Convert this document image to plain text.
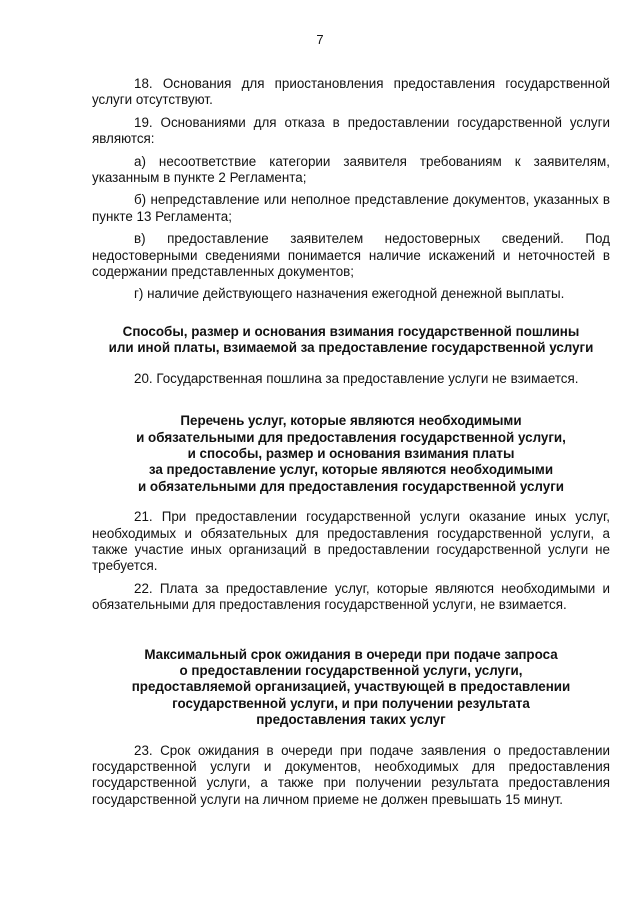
7

18. Основания для приостановления предоставления государственной услуги отсутствуют.

19. Основаниями для отказа в предоставлении государственной услуги являются:

а) несоответствие категории заявителя требованиям к заявителям, указанным в пункте 2 Регламента;

б) непредставление или неполное представление документов, указанных в пункте 13 Регламента;

в) предоставление заявителем недостоверных сведений. Под недостоверными сведениями понимается наличие искажений и неточностей в содержании представленных документов;

г) наличие действующего назначения ежегодной денежной выплаты.

Способы, размер и основания взимания государственной пошлины
или иной платы, взимаемой за предоставление государственной услуги

20. Государственная пошлина за предоставление услуги не взимается.

Перечень услуг, которые являются необходимыми
и обязательными для предоставления государственной услуги,
и способы, размер и основания взимания платы
за предоставление услуг, которые являются необходимыми
и обязательными для предоставления государственной услуги

21. При предоставлении государственной услуги оказание иных услуг, необходимых и обязательных для предоставления государственной услуги, а также участие иных организаций в предоставлении государственной услуги не требуется.

22. Плата за предоставление услуг, которые являются необходимыми и обязательными для предоставления государственной услуги, не взимается.

Максимальный срок ожидания в очереди при подаче запроса
о предоставлении государственной услуги, услуги,
предоставляемой организацией, участвующей в предоставлении
государственной услуги, и при получении результата
предоставления таких услуг

23. Срок ожидания в очереди при подаче заявления о предоставлении государственной услуги и документов, необходимых для предоставления государственной услуги, а также при получении результата предоставления государственной услуги на личном приеме не должен превышать 15 минут.
